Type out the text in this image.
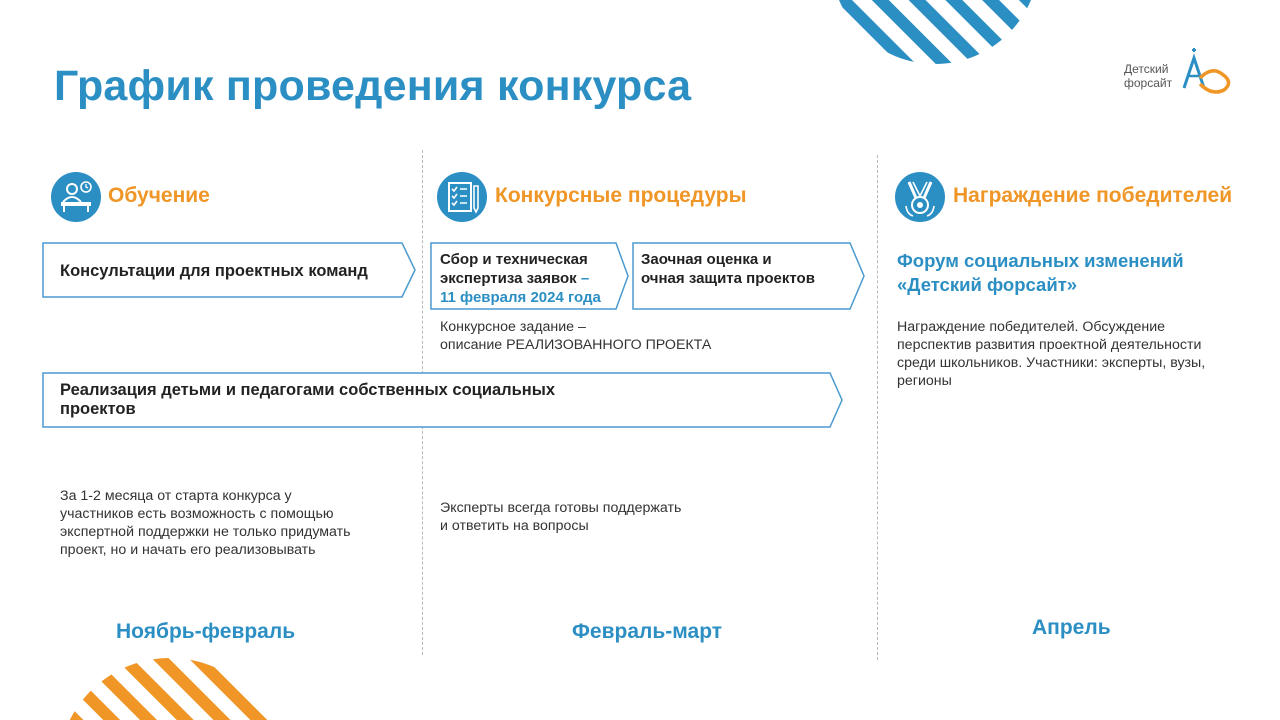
Детский
форсайт
График проведения конкурса
Обучение
Консультации для проектных команд
За 1-2 месяца от старта конкурса у
участников есть возможность с помощью
экспертной поддержки не только придумать
проект, но и начать его реализовывать
Ноябрь-февраль
Конкурсные процедуры
Сбор и техническая
экспертиза заявок –
11 февраля 2024 года
Заочная оценка и
очная защита проектов
Конкурсное задание –
описание РЕАЛИЗОВАННОГО ПРОЕКТА
Реализация детьми и педагогами собственных социальных
проектов
Эксперты всегда готовы поддержать
и ответить на вопросы
Февраль-март
Награждение победителей
Форум социальных изменений
«Детский форсайт»
Награждение победителей. Обсуждение
перспектив развития проектной деятельности
среди школьников. Участники: эксперты, вузы,
регионы
Апрель
